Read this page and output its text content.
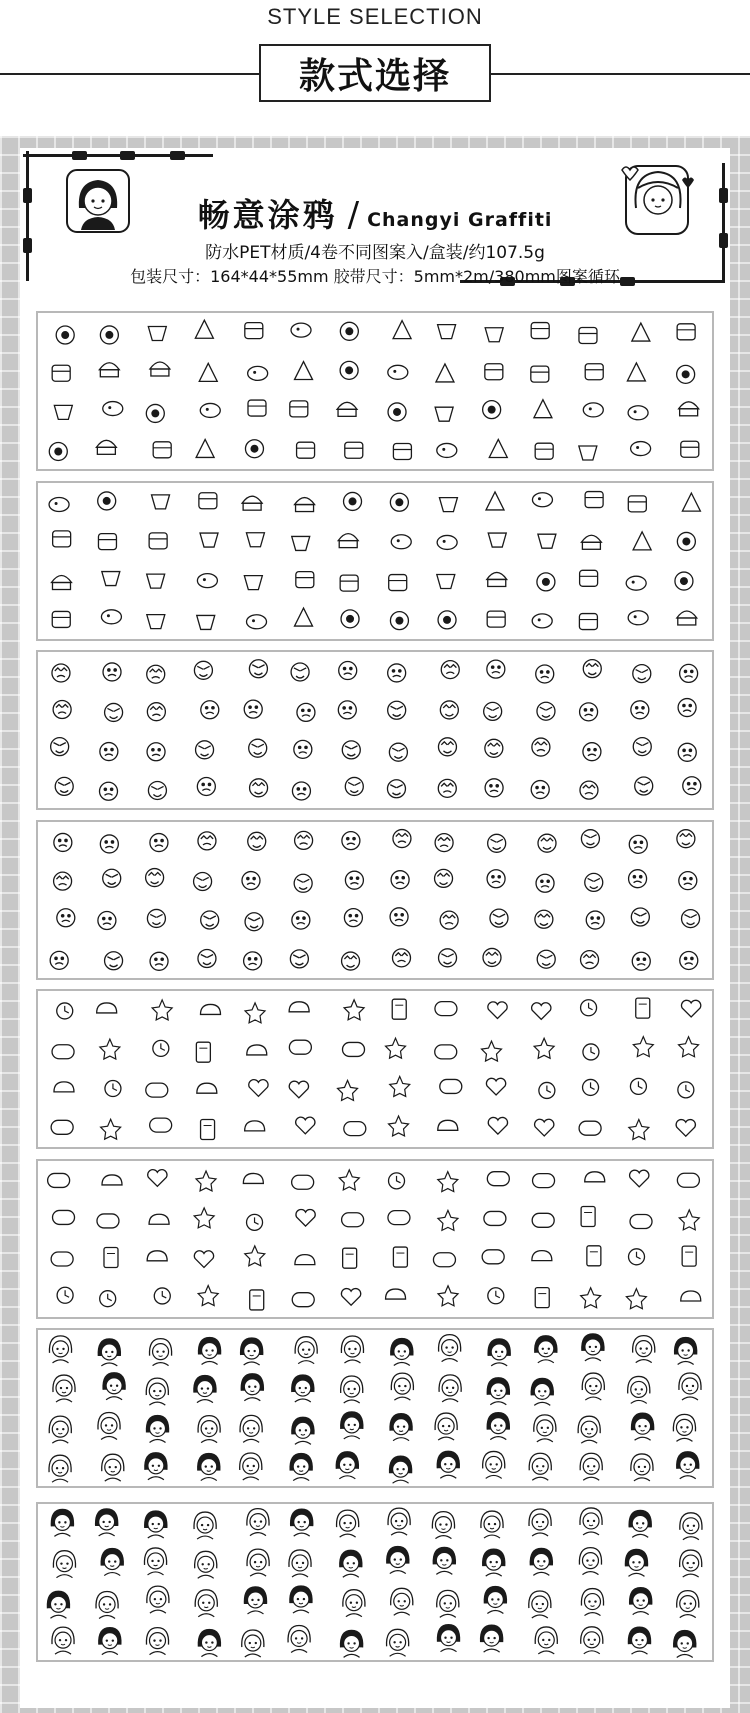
STYLE SELECTION
款式选择
畅意涂鸦 / Changyi Graffiti
防水PET材质/4卷不同图案入/盒装/约107.5g
包装尺寸：164*44*55mm 胶带尺寸：5mm*2m/380mm图案循环
